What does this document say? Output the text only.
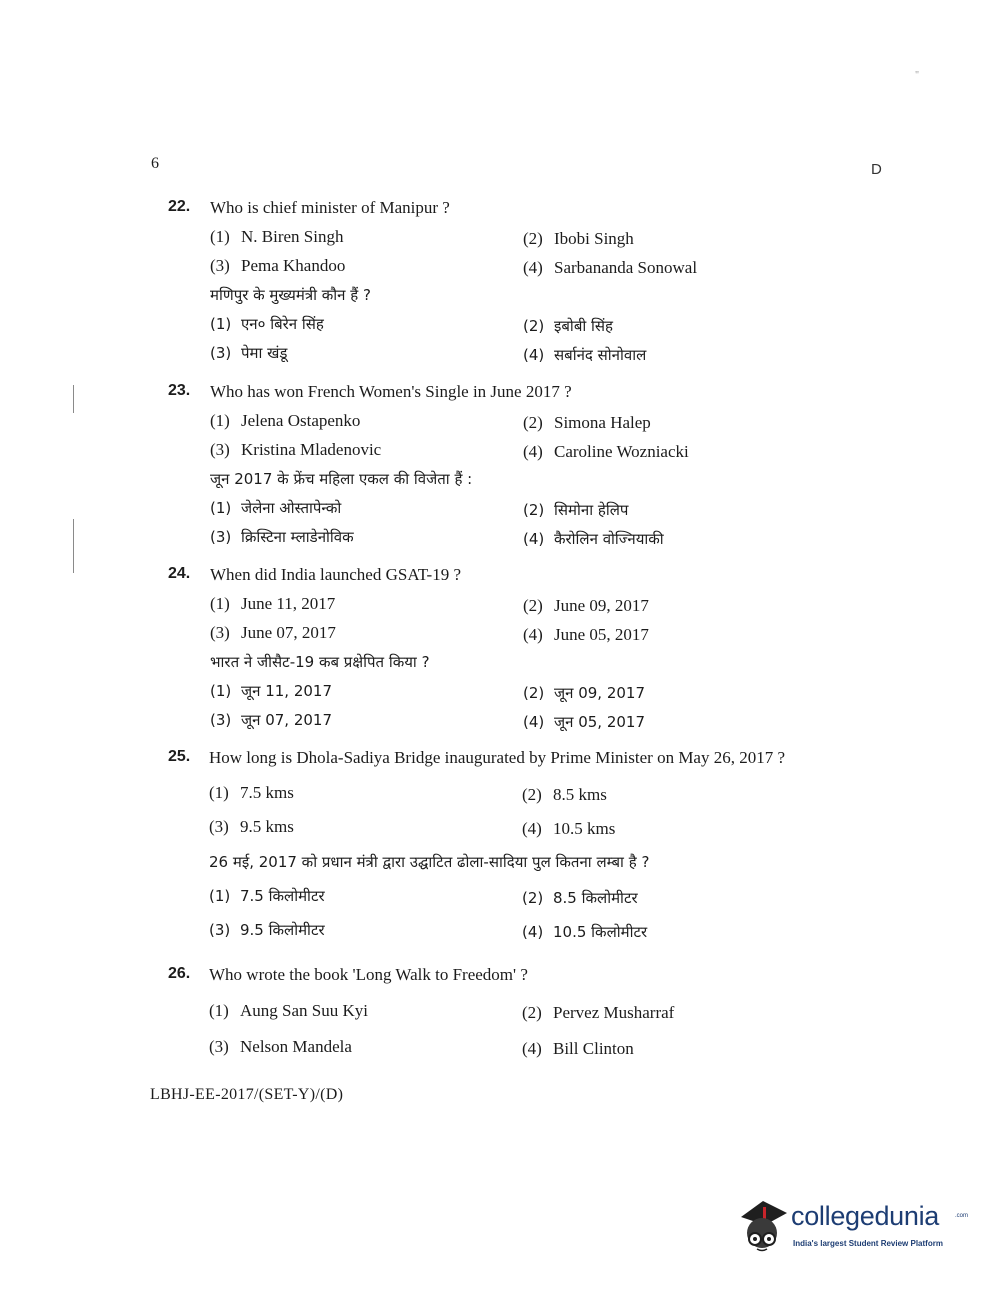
"
6	D
22. Who is chief minister of Manipur ?
(1) N. Biren Singh	(2) Ibobi Singh
(3) Pema Khandoo	(4) Sarbananda Sonowal
मणिपुर के मुख्यमंत्री कौन हैं ?
(1) एन० बिरेन सिंह	(2) इबोबी सिंह
(3) पेमा खंडू	(4) सर्बानंद सोनोवाल
23. Who has won French Women's Single in June 2017 ?
(1) Jelena Ostapenko	(2) Simona Halep
(3) Kristina Mladenovic	(4) Caroline Wozniacki
जून 2017 के फ्रेंच महिला एकल की विजेता हैं :
(1) जेलेना ओस्तापेन्को	(2) सिमोना हेलिप
(3) क्रिस्टिना म्लाडेनोविक	(4) कैरोलिन वोज्नियाकी
24. When did India launched GSAT-19 ?
(1) June 11, 2017	(2) June 09, 2017
(3) June 07, 2017	(4) June 05, 2017
भारत ने जीसैट-19 कब प्रक्षेपित किया ?
(1) जून 11, 2017	(2) जून 09, 2017
(3) जून 07, 2017	(4) जून 05, 2017
25. How long is Dhola-Sadiya Bridge inaugurated by Prime Minister on May 26, 2017 ?
(1) 7.5 kms	(2) 8.5 kms
(3) 9.5 kms	(4) 10.5 kms
26 मई, 2017 को प्रधान मंत्री द्वारा उद्घाटित ढोला-सादिया पुल कितना लम्बा है ?
(1) 7.5 किलोमीटर	(2) 8.5 किलोमीटर
(3) 9.5 किलोमीटर	(4) 10.5 किलोमीटर
26. Who wrote the book 'Long Walk to Freedom' ?
(1) Aung San Suu Kyi	(2) Pervez Musharraf
(3) Nelson Mandela	(4) Bill Clinton
LBHJ-EE-2017/(SET-Y)/(D)
collegedunia	.com
India's largest Student Review Platform
